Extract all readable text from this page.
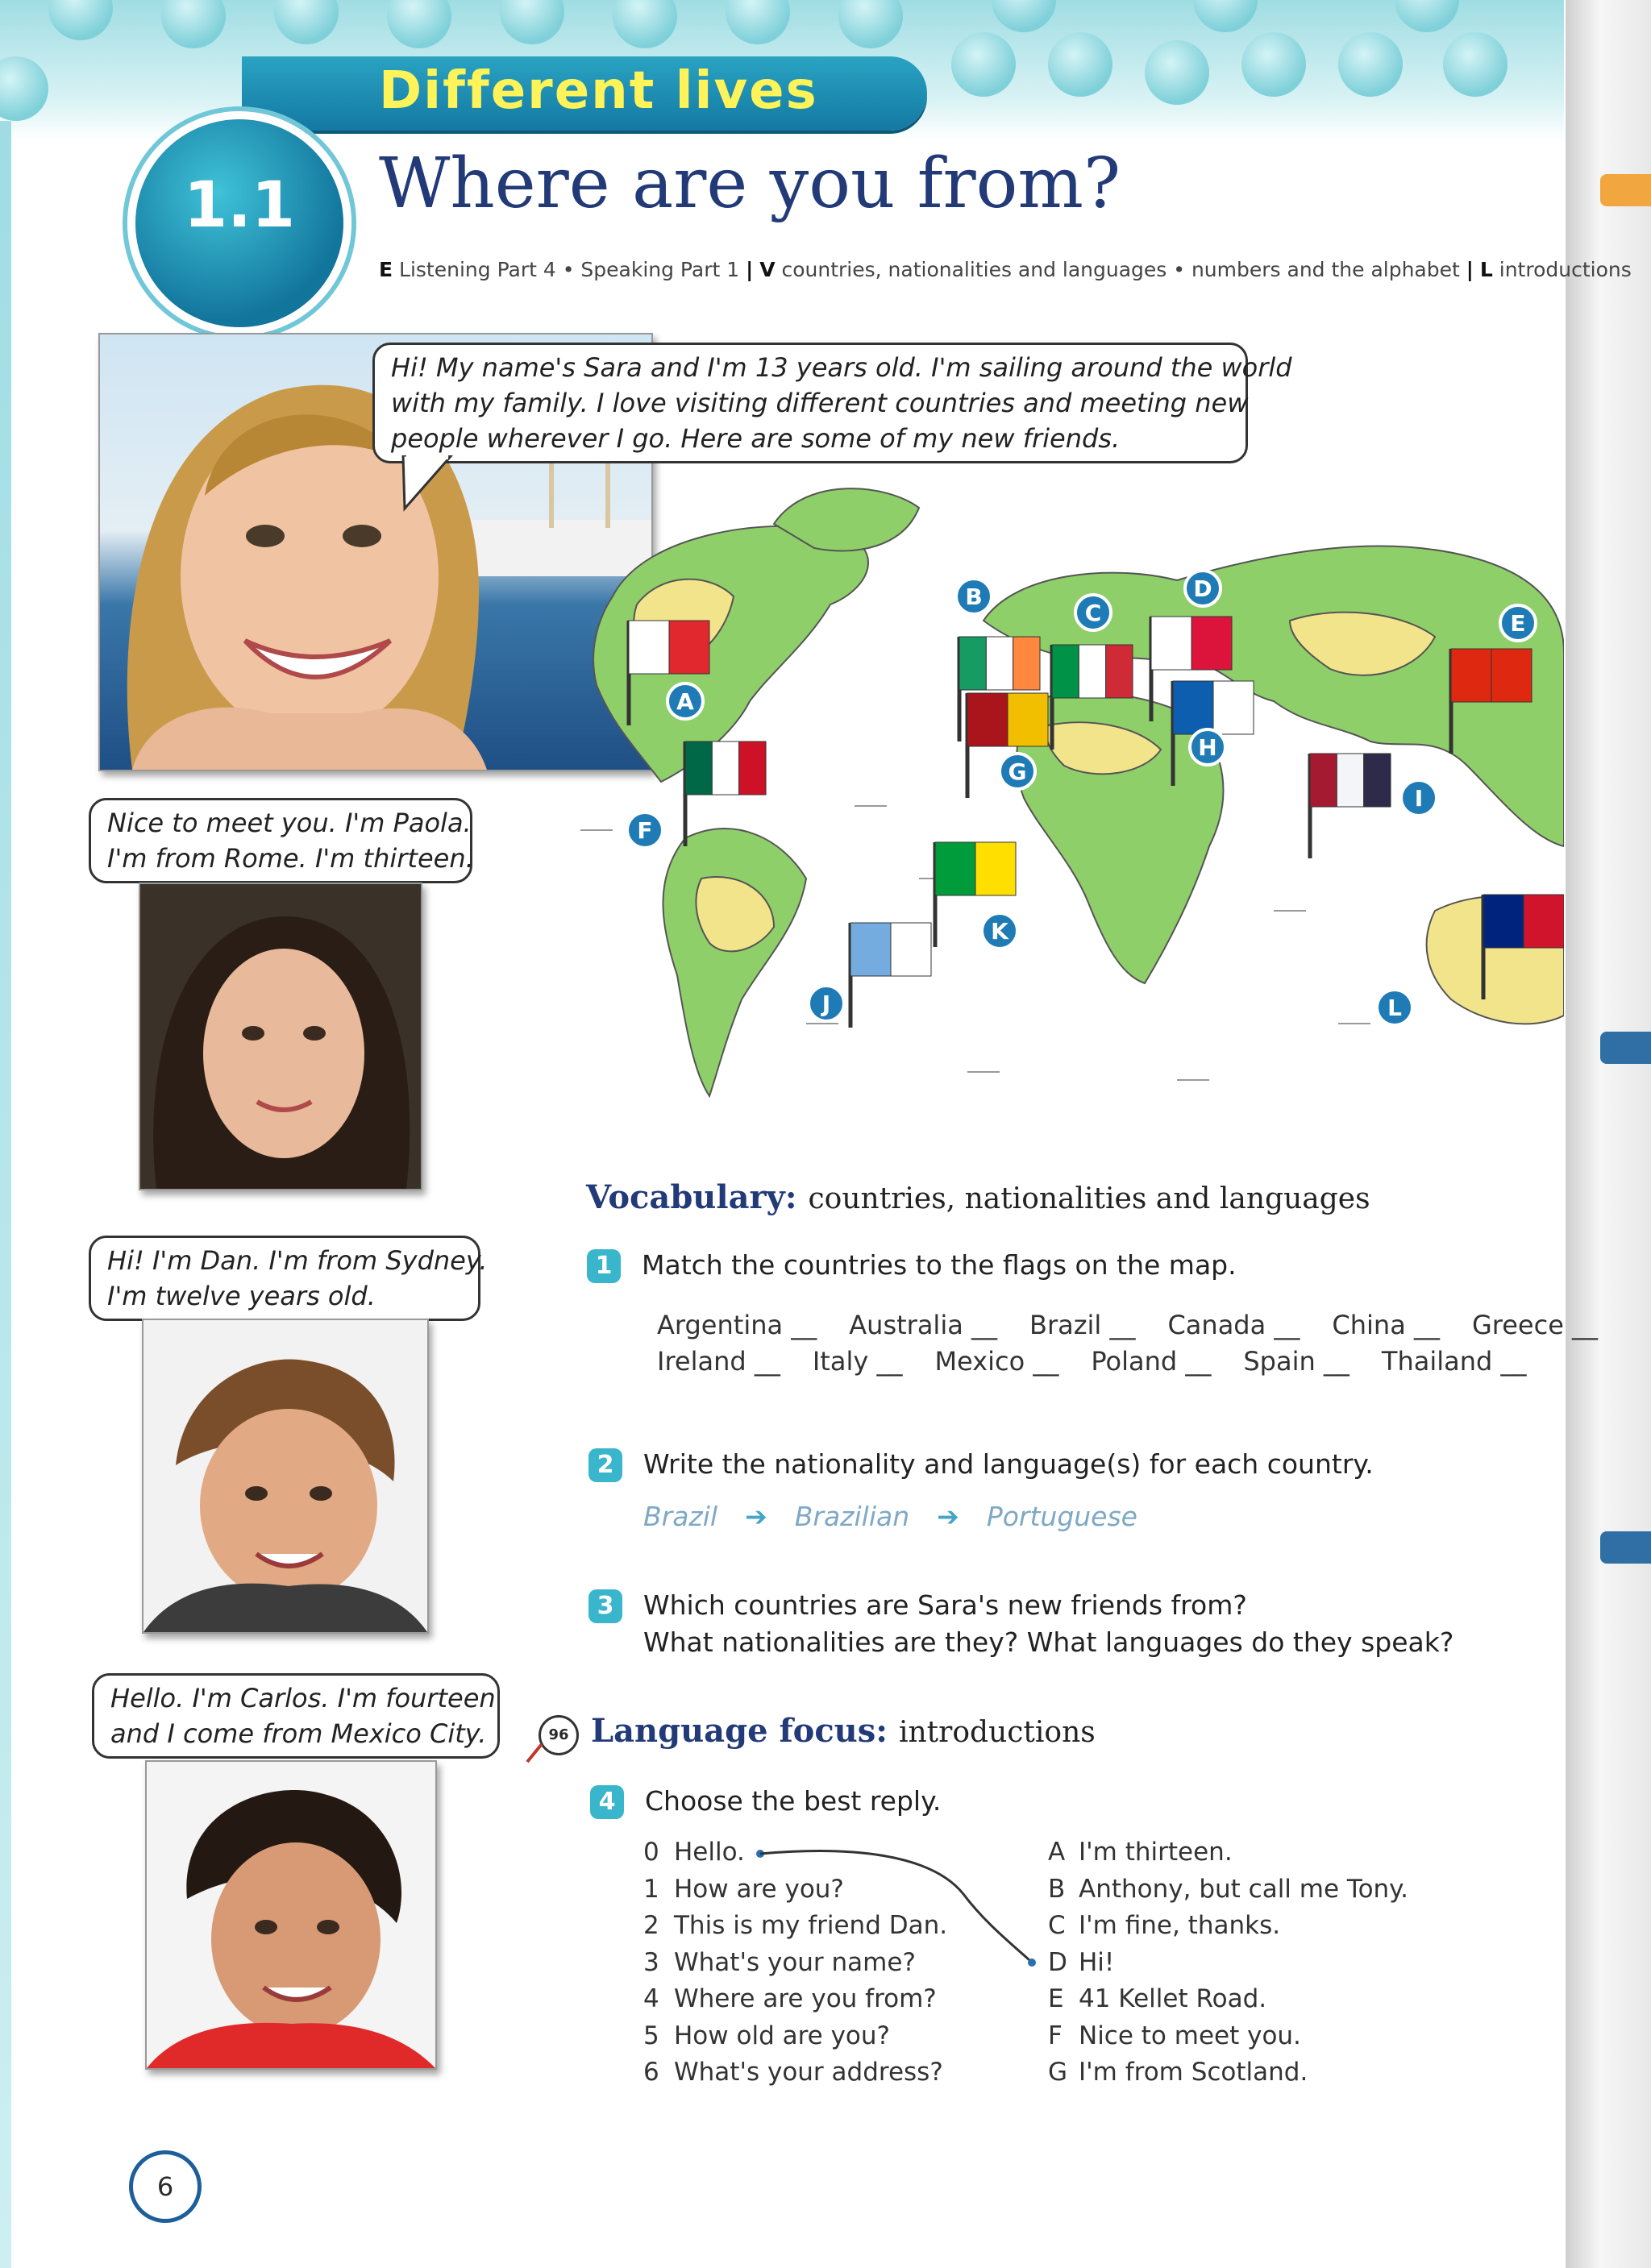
Different lives
1.1	Where are you from?
E Listening Part 4 • Speaking Part 1 | V countries, nationalities and languages • numbers and the alphabet | L introductions
Hi! My name's Sara and I'm 13 years old. I'm sailing around the world
with my family. I love visiting different countries and meeting new
people wherever I go. Here are some of my new friends.
A
B
C
D
E
F
G
H
I
J
K
L
Nice to meet you. I'm Paola.
I'm from Rome. I'm thirteen.
Hi! I'm Dan. I'm from Sydney.
I'm twelve years old.
Hello. I'm Carlos. I'm fourteen
and I come from Mexico City.
Vocabulary: countries, nationalities and languages
1	Match the countries to the flags on the map.
Argentina __ Australia __ Brazil __ Canada __ China __ Greece __
Ireland __ Italy __ Mexico __ Poland __ Spain __ Thailand __
2	Write the nationality and language(s) for each country.
Brazil ➔ Brazilian ➔ Portuguese
3	Which countries are Sara's new friends from?
What nationalities are they? What languages do they speak?
96 Language focus: introductions
4	Choose the best reply.
0 Hello.
1 How are you?
2 This is my friend Dan.
3 What's your name?
4 Where are you from?
5 How old are you?
6 What's your address?
A I'm thirteen.
B Anthony, but call me Tony.
C I'm fine, thanks.
D Hi!
E 41 Kellet Road.
F Nice to meet you.
G I'm from Scotland.
6
